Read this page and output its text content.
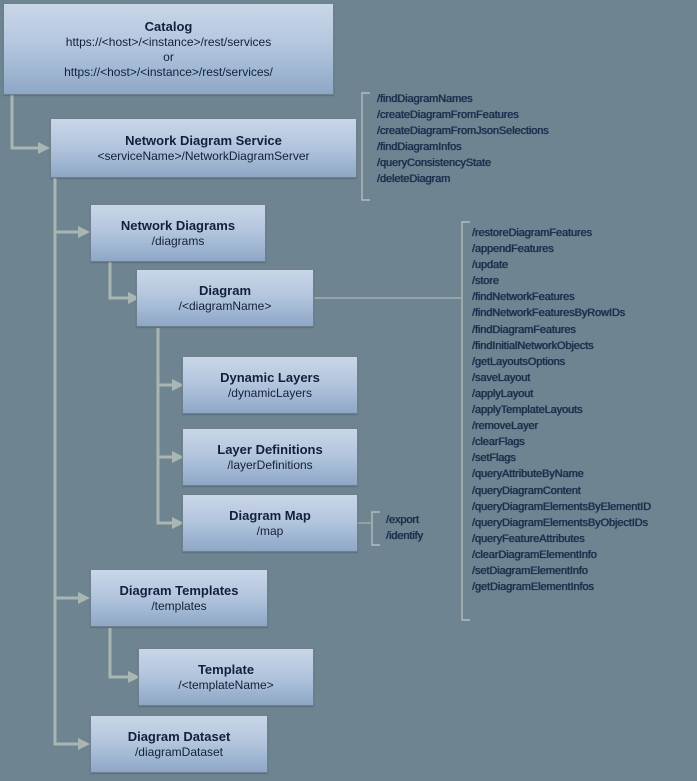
Catalog
https://<host>/<instance>/rest/services
or
https://<host>/<instance>/rest/services/
Network Diagram Service
<serviceName>/NetworkDiagramServer
Network Diagrams
/diagrams
Diagram
/<diagramName>
Dynamic Layers
/dynamicLayers
Layer Definitions
/layerDefinitions
Diagram Map
/map
Diagram Templates
/templates
Template
/<templateName>
Diagram Dataset
/diagramDataset
/findDiagramNames
/createDiagramFromFeatures
/createDiagramFromJsonSelections
/findDiagramInfos
/queryConsistencyState
/deleteDiagram
/restoreDiagramFeatures
/appendFeatures
/update
/store
/findNetworkFeatures
/findNetworkFeaturesByRowIDs
/findDiagramFeatures
/findInitialNetworkObjects
/getLayoutsOptions
/saveLayout
/applyLayout
/applyTemplateLayouts
/removeLayer
/clearFlags
/setFlags
/queryAttributeByName
/queryDiagramContent
/queryDiagramElementsByElementID
/queryDiagramElementsByObjectIDs
/queryFeatureAttributes
/clearDiagramElementInfo
/setDiagramElementInfo
/getDiagramElementInfos
/export
/identify
